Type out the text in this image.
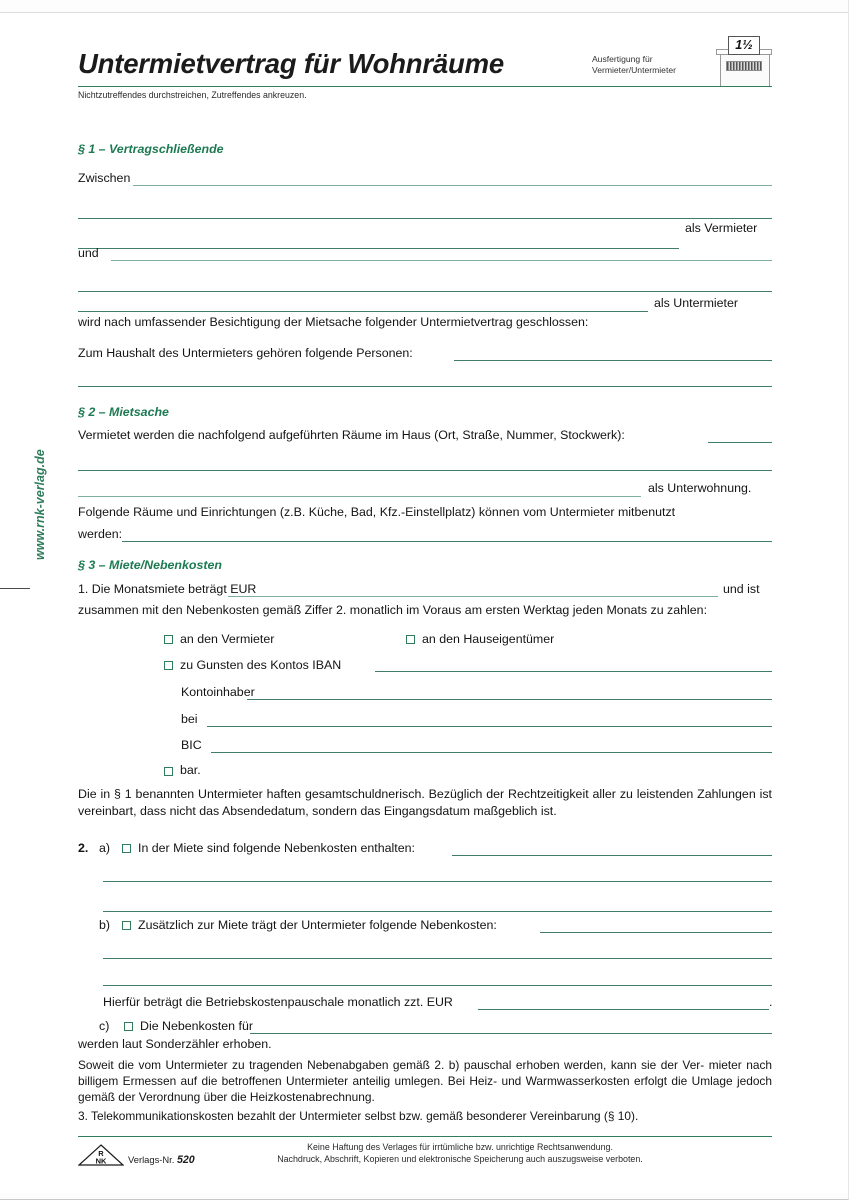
Untermietvertrag für Wohnräume	Ausfertigung für
Vermieter/Untermieter
1½
Nichtzutreffendes durchstreichen, Zutreffendes ankreuzen.
www.rnk-verlag.de
§ 1 – Vertragschließende
Zwischen
als Vermieter
und
als Untermieter
wird nach umfassender Besichtigung der Mietsache folgender Untermietvertrag geschlossen:
Zum Haushalt des Untermieters gehören folgende Personen:
§ 2 – Mietsache
Vermietet werden die nachfolgend aufgeführten Räume im Haus (Ort, Straße, Nummer, Stockwerk):
als Unterwohnung.
Folgende Räume und Einrichtungen (z.B. Küche, Bad, Kfz.-Einstellplatz) können vom Untermieter mitbenutzt
werden:
§ 3 – Miete/Nebenkosten
1. Die Monatsmiete beträgt EUR	und ist
zusammen mit den Nebenkosten gemäß Ziffer 2. monatlich im Voraus am ersten Werktag jeden Monats zu zahlen:
an den Vermieter	an den Hauseigentümer
zu Gunsten des Kontos IBAN
Kontoinhaber
bei
BIC
bar.
Die in § 1 benannten Untermieter haften gesamtschuldnerisch. Bezüglich der Rechtzeitigkeit aller zu leistenden Zahlungen ist vereinbart, dass nicht das Absendedatum, sondern das Eingangsdatum maßgeblich ist.
2. a) In der Miete sind folgende Nebenkosten enthalten:
b) Zusätzlich zur Miete trägt der Untermieter folgende Nebenkosten:
Hierfür beträgt die Betriebskostenpauschale monatlich zzt. EUR	.
c) Die Nebenkosten für
werden laut Sonderzähler erhoben.
Soweit die vom Untermieter zu tragenden Nebenabgaben gemäß 2. b) pauschal erhoben werden, kann sie der Ver- mieter nach billigem Ermessen auf die betroffenen Untermieter anteilig umlegen. Bei Heiz- und Warmwasserkosten erfolgt die Umlage jedoch gemäß der Verordnung über die Heizkostenabrechnung.
3. Telekommunikationskosten bezahlt der Untermieter selbst bzw. gemäß besonderer Vereinbarung (§ 10).
R
NK Verlags-Nr. 520
Keine Haftung des Verlages für irrtümliche bzw. unrichtige Rechtsanwendung.
Nachdruck, Abschrift, Kopieren und elektronische Speicherung auch auszugsweise verboten.
